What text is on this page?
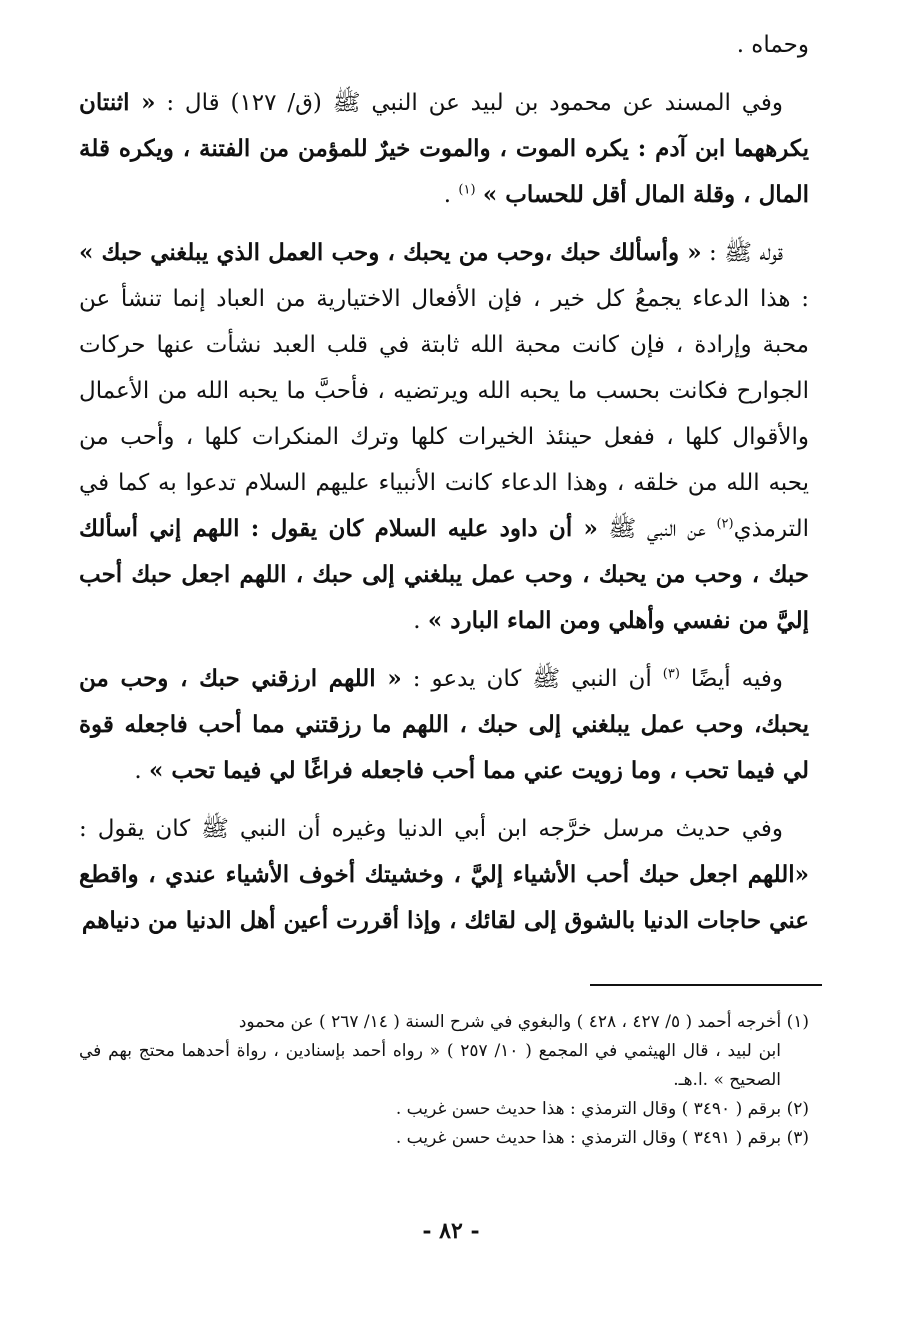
وحماه .

وفي المسند عن محمود بن لبيد عن النبي ﷺ (ق/ ١٢٧) قال : « اثنتان يكرههما ابن آدم : يكره الموت ، والموت خيرٌ للمؤمن من الفتنة ، ويكره قلة المال ، وقلة المال أقل للحساب » $^{(١)}$ .

قوله ﷺ : « وأسألك حبك ،وحب من يحبك ، وحب العمل الذي يبلغني حبك » : هذا الدعاء يجمعُ كل خير ، فإن الأفعال الاختيارية من العباد إنما تنشأ عن محبة وإرادة ، فإن كانت محبة الله ثابتة في قلب العبد نشأت عنها حركات الجوارح فكانت بحسب ما يحبه الله ويرتضيه ، فأحبَّ ما يحبه الله من الأعمال والأقوال كلها ، ففعل حينئذ الخيرات كلها وترك المنكرات كلها ، وأحب من يحبه الله من خلقه ، وهذا الدعاء كانت الأنبياء عليهم السلام تدعوا به كما في الترمذي$^{(٢)}$ عن النبي ﷺ « أن داود عليه السلام كان يقول : اللهم إني أسألك حبك ، وحب من يحبك ، وحب عمل يبلغني إلى حبك ، اللهم اجعل حبك أحب إليَّ من نفسي وأهلي ومن الماء البارد » .

وفيه أيضًا $^{(٣)}$ أن النبي ﷺ كان يدعو : « اللهم ارزقني حبك ، وحب من يحبك، وحب عمل يبلغني إلى حبك ، اللهم ما رزقتني مما أحب فاجعله قوة لي فيما تحب ، وما زويت عني مما أحب فاجعله فراغًا لي فيما تحب » .

وفي حديث مرسل خرَّجه ابن أبي الدنيا وغيره أن النبي ﷺ كان يقول : «اللهم اجعل حبك أحب الأشياء إليَّ ، وخشيتك أخوف الأشياء عندي ، واقطع عني حاجات الدنيا بالشوق إلى لقائك ، وإذا أقررت أعين أهل الدنيا من دنياهم

(١) أخرجه أحمد ( ٥/ ٤٢٧ ، ٤٢٨ ) والبغوي في شرح السنة ( ١٤/ ٢٦٧ ) عن محمود

ابن لبيد ، قال الهيثمي في المجمع ( ١٠/ ٢٥٧ ) « رواه أحمد بإسنادين ، رواة أحدهما محتج بهم في الصحيح » .ا.هـ.

(٢) برقم ( ٣٤٩٠ ) وقال الترمذي : هذا حديث حسن غريب .

(٣) برقم ( ٣٤٩١ ) وقال الترمذي : هذا حديث حسن غريب .

- ٨٢ -
